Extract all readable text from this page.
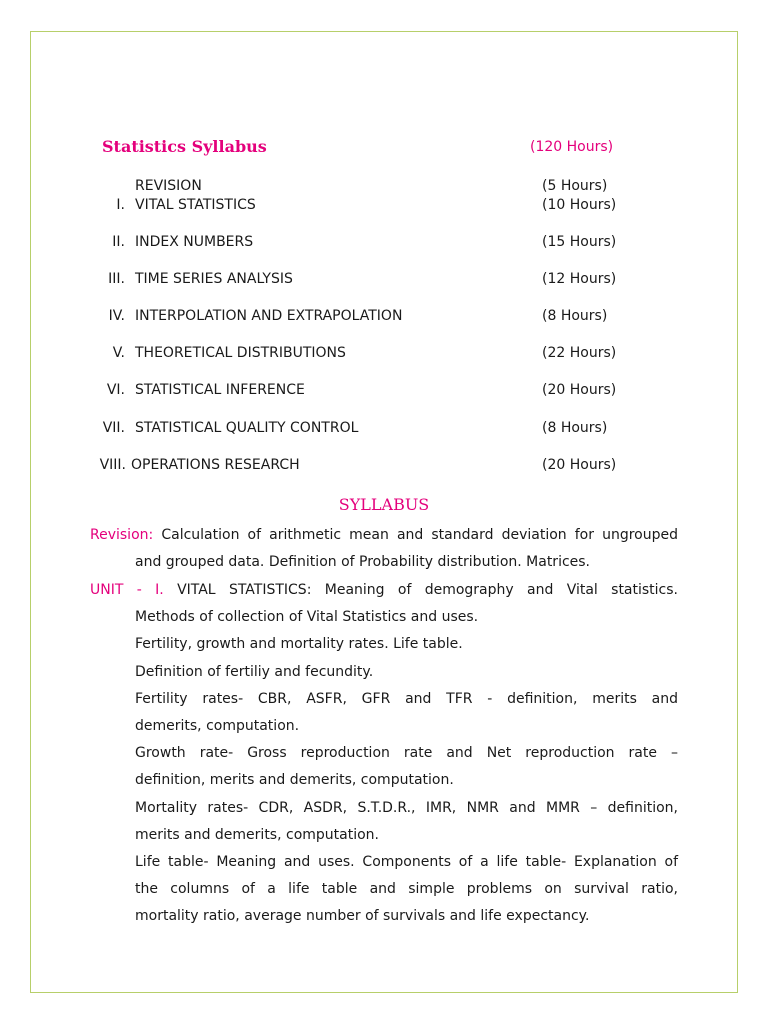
Statistics Syllabus	(120 Hours)
REVISION	(5 Hours)
I. VITAL STATISTICS	(10 Hours)
II. INDEX NUMBERS	(15 Hours)
III. TIME SERIES ANALYSIS	(12 Hours)
IV. INTERPOLATION AND EXTRAPOLATION	(8 Hours)
V. THEORETICAL DISTRIBUTIONS	(22 Hours)
VI. STATISTICAL INFERENCE	(20 Hours)
VII. STATISTICAL QUALITY CONTROL	(8 Hours)
VIII. OPERATIONS RESEARCH	(20 Hours)
SYLLABUS
Revision: Calculation of arithmetic mean and standard deviation for ungrouped
and grouped data. Definition of Probability distribution. Matrices.
UNIT - I. VITAL STATISTICS: Meaning of demography and Vital statistics.
Methods of collection of Vital Statistics and uses.
Fertility, growth and mortality rates. Life table.
Definition of fertiliy and fecundity.
Fertility rates- CBR, ASFR, GFR and TFR - definition, merits and
demerits, computation.
Growth rate- Gross reproduction rate and Net reproduction rate –
definition, merits and demerits, computation.
Mortality rates- CDR, ASDR, S.T.D.R., IMR, NMR and MMR – definition,
merits and demerits, computation.
Life table- Meaning and uses. Components of a life table- Explanation of
the columns of a life table and simple problems on survival ratio,
mortality ratio, average number of survivals and life expectancy.
